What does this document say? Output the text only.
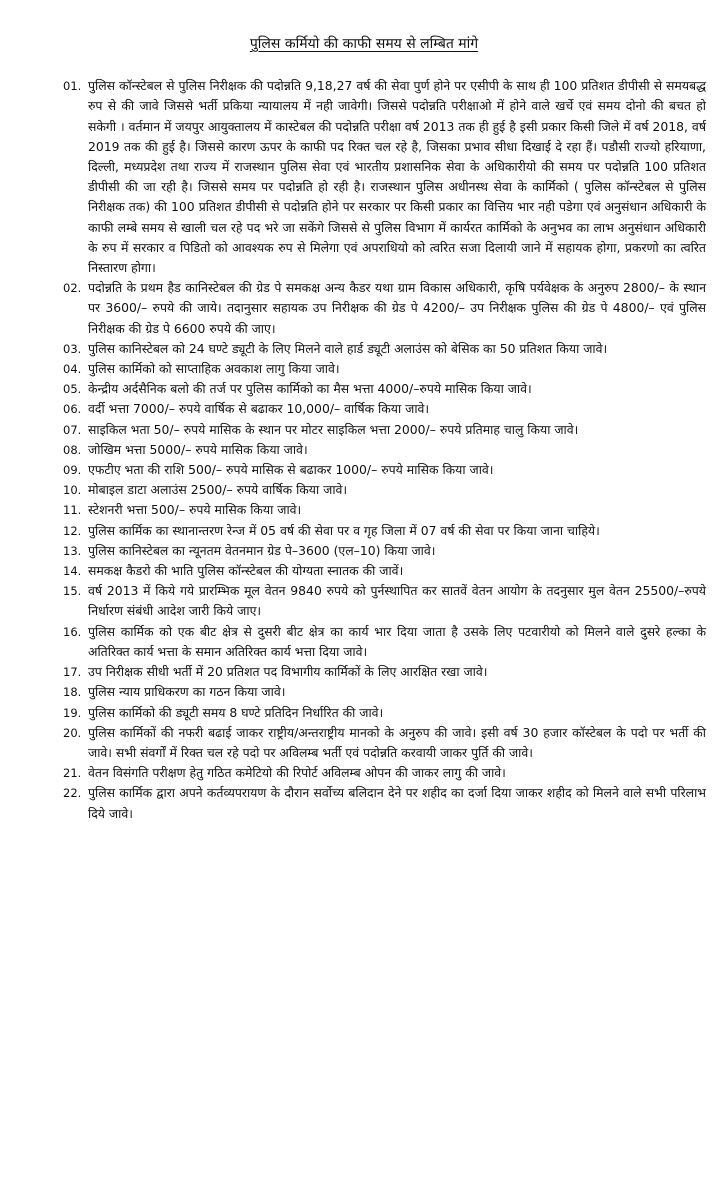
पुलिस कर्मियो की काफी समय से लम्बित मांगे
01. पुलिस कॉन्स्टेबल से पुलिस निरीक्षक की पदोन्नति 9,18,27 वर्ष की सेवा पुर्ण होने पर एसीपी के साथ ही 100 प्रतिशत डीपीसी से समयबद्ध रुप से की जावे जिससे भर्ती प्रकिया न्यायालय में नही जावेगी। जिससे पदोन्नति परीक्षाओ में होने वाले खर्चे एवं समय दोनो की बचत हो सकेगी । वर्तमान में जयपुर आयुक्तालय में कास्टेबल की पदोन्नति परीक्षा वर्ष 2013 तक ही हुई है इसी प्रकार किसी जिले में वर्ष 2018, वर्ष 2019 तक की हुई है। जिससे कारण ऊपर के काफी पद रिक्त चल रहे है, जिसका प्रभाव सीधा दिखाई दे रहा हैं। पडौसी राज्यो हरियाणा, दिल्ली, मध्यप्रदेश तथा राज्य में राजस्थान पुलिस सेवा एवं भारतीय प्रशासनिक सेवा के अधिकारीयो की समय पर पदोन्नति 100 प्रतिशत डीपीसी की जा रही है। जिससे समय पर पदोन्नति हो रही है। राजस्थान पुलिस अधीनस्थ सेवा के कार्मिको ( पुलिस कॉन्स्टेबल से पुलिस निरीक्षक तक) की 100 प्रतिशत डीपीसी से पदोन्नति होने पर सरकार पर किसी प्रकार का वित्तिय भार नही पडेगा एवं अनुसंधान अधिकारी के काफी लम्बे समय से खाली चल रहे पद भरे जा सकेंगे जिससे से पुलिस विभाग में कार्यरत कार्मिको के अनुभव का लाभ अनुसंधान अधिकारी के रुप में सरकार व पिडितो को आवश्यक रुप से मिलेगा एवं अपराधियो को त्वरित सजा दिलायी जाने में सहायक होगा, प्रकरणो का त्वरित निस्तारण होगा।
02. पदोन्नति के प्रथम हैड कानिस्टेबल की ग्रेड पे समकक्ष अन्य कैडर यथा ग्राम विकास अधिकारी, कृषि पर्यवेक्षक के अनुरुप 2800/– के स्थान पर 3600/– रुपये की जाये। तदानुसार सहायक उप निरीक्षक की ग्रेड पे 4200/– उप निरीक्षक पुलिस की ग्रेड पे 4800/– एवं पुलिस निरीक्षक की ग्रेड पे 6600 रुपये की जाए।
03. पुलिस कानिस्टेबल को 24 घण्टे ड्यूटी के लिए मिलने वाले हार्ड ड्यूटी अलाउंस को बेसिक का 50 प्रतिशत किया जावे।
04. पुलिस कार्मिको को साप्ताहिक अवकाश लागु किया जावे।
05. केन्द्रीय अर्दसैनिक बलो की तर्ज पर पुलिस कार्मिको का मैस भत्ता 4000/–रुपये मासिक किया जावे।
06. वर्दी भत्ता 7000/– रुपये वार्षिक से बढाकर 10,000/– वार्षिक किया जावे।
07. साइकिल भता 50/– रुपये मासिक के स्थान पर मोटर साइकिल भत्ता 2000/– रुपये प्रतिमाह चालु किया जावे।
08. जोखिम भत्ता 5000/– रुपये मासिक किया जावे।
09. एफटीए भता की राशि 500/– रुपये मासिक से बढाकर 1000/– रुपये मासिक किया जावे।
10. मोबाइल डाटा अलाउंस 2500/– रुपये वार्षिक किया जावे।
11. स्टेशनरी भत्ता 500/– रुपये मासिक किया जावे।
12. पुलिस कार्मिक का स्थानान्तरण रेन्ज में 05 वर्ष की सेवा पर व गृह जिला में 07 वर्ष की सेवा पर किया जाना चाहिये।
13. पुलिस कानिस्टेबल का न्यूनतम वेतनमान ग्रेड पे–3600 (एल–10) किया जावे।
14. समकक्ष कैडरो की भाति पुलिस कॉन्स्टेबल की योग्यता स्नातक की जावें।
15. वर्ष 2013 में किये गये प्रारम्भिक मूल वेतन 9840 रुपये को पुर्नस्थापित कर सातवें वेतन आयोग के तदनुसार मुल वेतन 25500/–रुपये निर्धारण संबंधी आदेश जारी किये जाए।
16. पुलिस कार्मिक को एक बीट क्षेत्र से दुसरी बीट क्षेत्र का कार्य भार दिया जाता है उसके लिए पटवारीयो को मिलने वाले दुसरे हल्का के अतिरिक्त कार्य भत्ता के समान अतिरिक्त कार्य भत्ता दिया जावे।
17. उप निरीक्षक सीधी भर्ती में 20 प्रतिशत पद विभागीय कार्मिकों के लिए आरक्षित रखा जावे।
18. पुलिस न्याय प्राधिकरण का गठन किया जावे।
19. पुलिस कार्मिको की ड्यूटी समय 8 घण्टे प्रतिदिन निर्धारित की जावे।
20. पुलिस कार्मिकों की नफरी बढाई जाकर राष्ट्रीय/अन्तराष्ट्रीय मानको के अनुरुप की जावे। इसी वर्ष 30 हजार कॉस्टेबल के पदो पर भर्ती की जावे। सभी संवर्गों में रिक्त चल रहे पदो पर अविलम्ब भर्ती एवं पदोन्नति करवायी जाकर पुर्ति की जावे।
21. वेतन विसंगति परीक्षण हेतु गठित कमेटियो की रिपोर्ट अविलम्ब ओपन की जाकर लागु की जावे।
22. पुलिस कार्मिक द्वारा अपने कर्तव्यपरायण के दौरान सर्वोच्य बलिदान देने पर शहीद का दर्जा दिया जाकर शहीद को मिलने वाले सभी परिलाभ दिये जावे।
